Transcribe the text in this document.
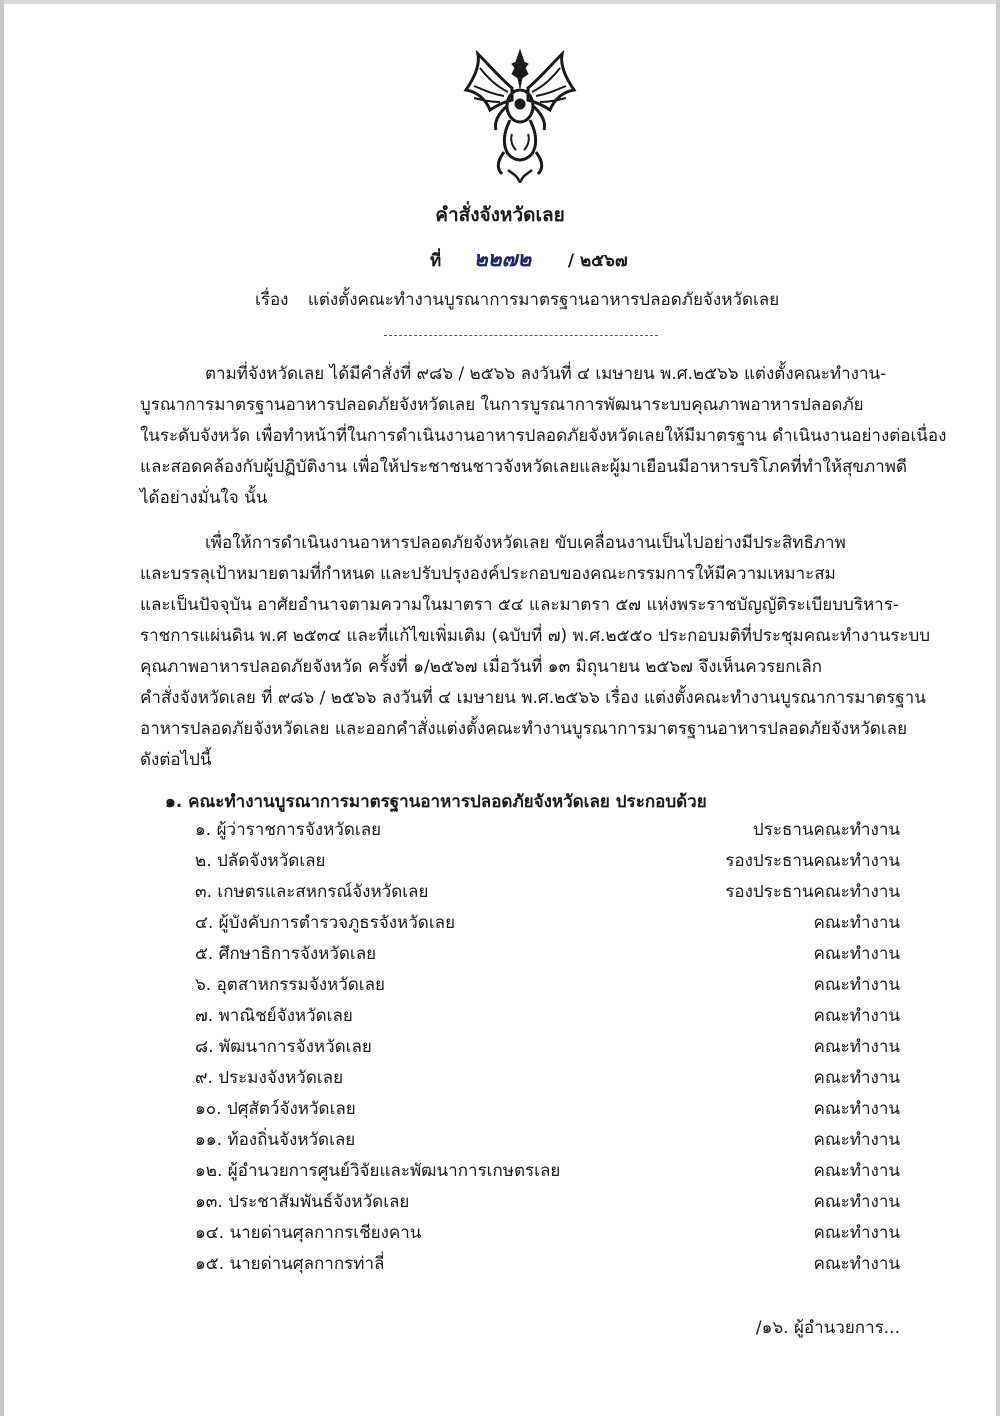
คำสั่งจังหวัดเลย
ที่ ๒๒๗๒ / ๒๕๖๗
เรื่อง แต่งตั้งคณะทำงานบูรณาการมาตรฐานอาหารปลอดภัยจังหวัดเลย
ตามที่จังหวัดเลย ได้มีคำสั่งที่ ๙๘๖ / ๒๕๖๖ ลงวันที่ ๔ เมษายน พ.ศ.๒๕๖๖ แต่งตั้งคณะทำงาน-
บูรณาการมาตรฐานอาหารปลอดภัยจังหวัดเลย ในการบูรณาการพัฒนาระบบคุณภาพอาหารปลอดภัย
ในระดับจังหวัด เพื่อทำหน้าที่ในการดำเนินงานอาหารปลอดภัยจังหวัดเลยให้มีมาตรฐาน ดำเนินงานอย่างต่อเนื่อง
และสอดคล้องกับผู้ปฏิบัติงาน เพื่อให้ประชาชนชาวจังหวัดเลยและผู้มาเยือนมีอาหารบริโภคที่ทำให้สุขภาพดี
ได้อย่างมั่นใจ นั้น
เพื่อให้การดำเนินงานอาหารปลอดภัยจังหวัดเลย ขับเคลื่อนงานเป็นไปอย่างมีประสิทธิภาพ
และบรรลุเป้าหมายตามที่กำหนด และปรับปรุงองค์ประกอบของคณะกรรมการให้มีความเหมาะสม
และเป็นปัจจุบัน อาศัยอำนาจตามความในมาตรา ๕๔ และมาตรา ๕๗ แห่งพระราชบัญญัติระเบียบบริหาร-
ราชการแผ่นดิน พ.ศ ๒๕๓๔ และที่แก้ไขเพิ่มเติม (ฉบับที่ ๗) พ.ศ.๒๕๕๐ ประกอบมติที่ประชุมคณะทำงานระบบ
คุณภาพอาหารปลอดภัยจังหวัด ครั้งที่ ๑/๒๕๖๗ เมื่อวันที่ ๑๓ มิถุนายน ๒๕๖๗ จึงเห็นควรยกเลิก
คำสั่งจังหวัดเลย ที่ ๙๘๖ / ๒๕๖๖ ลงวันที่ ๔ เมษายน พ.ศ.๒๕๖๖ เรื่อง แต่งตั้งคณะทำงานบูรณาการมาตรฐาน
อาหารปลอดภัยจังหวัดเลย และออกคำสั่งแต่งตั้งคณะทำงานบูรณาการมาตรฐานอาหารปลอดภัยจังหวัดเลย
ดังต่อไปนี้
๑. คณะทำงานบูรณาการมาตรฐานอาหารปลอดภัยจังหวัดเลย ประกอบด้วย
๑. ผู้ว่าราชการจังหวัดเลย	ประธานคณะทำงาน
๒. ปลัดจังหวัดเลย	รองประธานคณะทำงาน
๓. เกษตรและสหกรณ์จังหวัดเลย	รองประธานคณะทำงาน
๔. ผู้บังคับการตำรวจภูธรจังหวัดเลย	คณะทำงาน
๕. ศึกษาธิการจังหวัดเลย	คณะทำงาน
๖. อุตสาหกรรมจังหวัดเลย	คณะทำงาน
๗. พาณิชย์จังหวัดเลย	คณะทำงาน
๘. พัฒนาการจังหวัดเลย	คณะทำงาน
๙. ประมงจังหวัดเลย	คณะทำงาน
๑๐. ปศุสัตว์จังหวัดเลย	คณะทำงาน
๑๑. ท้องถิ่นจังหวัดเลย	คณะทำงาน
๑๒. ผู้อำนวยการศูนย์วิจัยและพัฒนาการเกษตรเลย	คณะทำงาน
๑๓. ประชาสัมพันธ์จังหวัดเลย	คณะทำงาน
๑๔. นายด่านศุลกากรเชียงคาน	คณะทำงาน
๑๕. นายด่านศุลกากรท่าลี่	คณะทำงาน
/๑๖. ผู้อำนวยการ...
